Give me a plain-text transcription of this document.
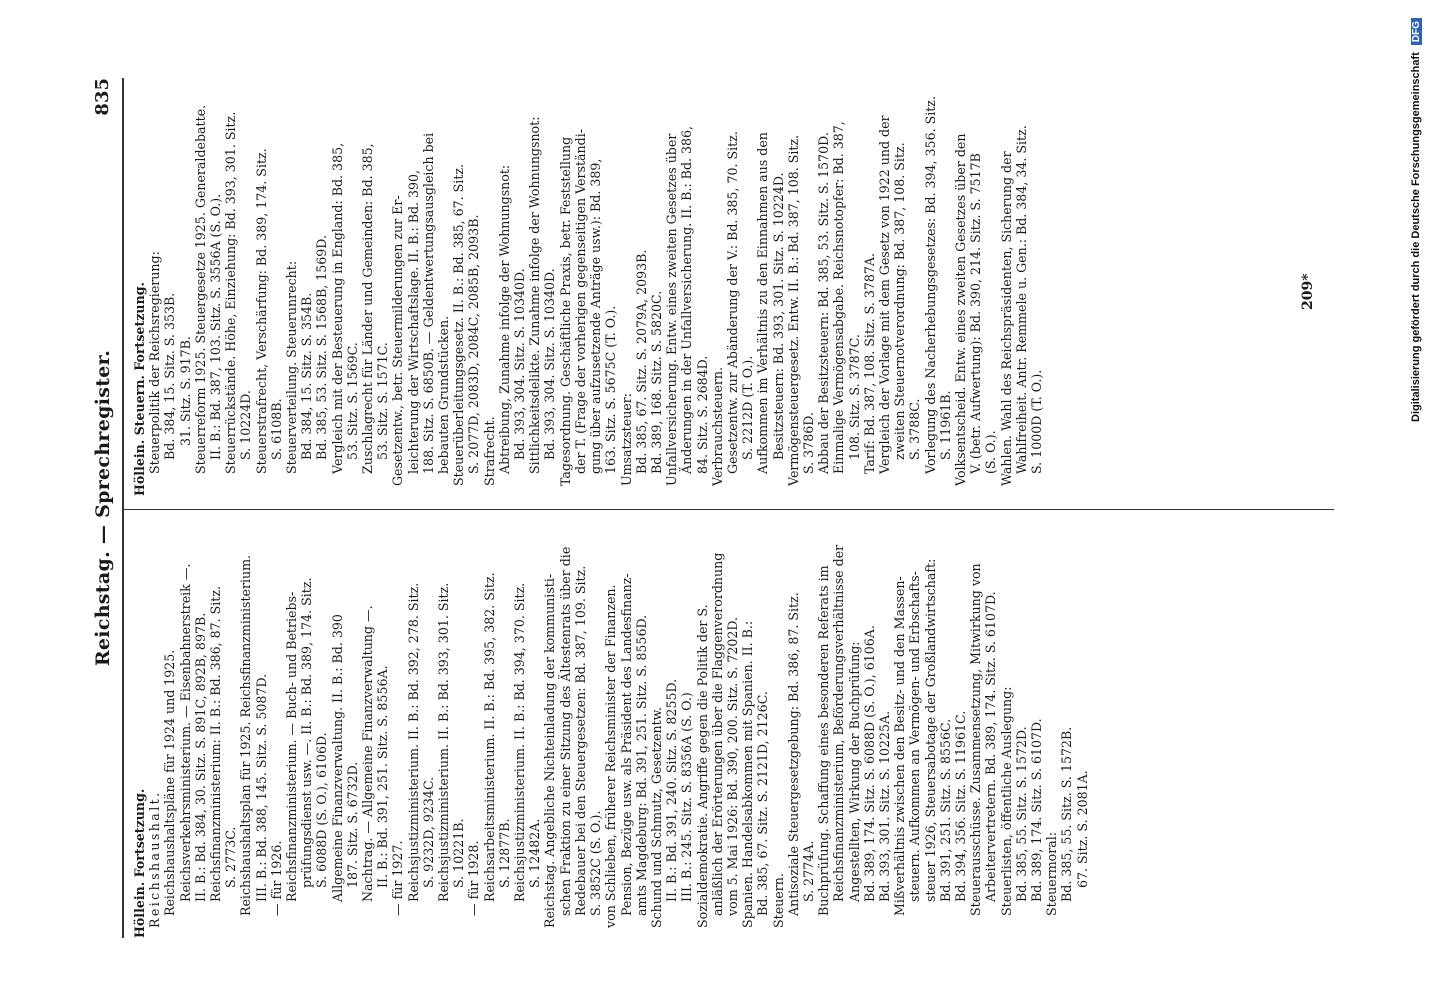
Reichstag. — Sprechregister.
835
Höllein. Fortsetzung. Reichshaushalt. Reichshaushaltspläne für 1924 und 1925. Reichsverkehrsministerium. — Eisenbahnerstreik —. II. B.: Bd. 384, 30. Sitz. S. 891C, 892B, 897B. Reichsfinanzministerium: II. B.: Bd. 386, 87. Sitz. S. 2773C. Reichshaushaltsplan für 1925. Reichsfinanzministerium. III. B.: Bd. 388, 145. Sitz. S. 5087D. — für 1926. Reichsfinanzministerium. — Buch- und Betriebs- prüfungsdienst usw. —. II. B.: Bd. 389, 174. Sitz. S. 6088D (S. O.), 6106D. Allgemeine Finanzverwaltung. II. B.: Bd. 390 187. Sitz. S. 6732D. Nachtrag. — Allgemeine Finanzverwaltung —. II. B.: Bd. 391, 251. Sitz. S. 8556A. — für 1927. Reichsjustizministerium. II. B.: Bd. 392, 278. Sitz. S. 9232D, 9234C. Reichsjustizministerium. II. B.: Bd. 393, 301. Sitz. S. 10221B. — für 1928. Reichsarbeitsministerium. II. B.: Bd. 395, 382. Sitz. S. 12877B. Reichsjustizministerium. II. B.: Bd. 394, 370. Sitz. S. 12482A. Reichstag. Angebliche Nichteinladung der kommunisti- schen Fraktion zu einer Sitzung des Ältestenrats über die Redebauer bei den Steuergesetzen: Bd. 387, 109. Sitz. S. 3852C (S. O.). von Schlieben, früherer Reichsminister der Finanzen. Pension, Bezüge usw. als Präsident des Landesfinanz- amts Magdeburg: Bd. 391, 251. Sitz. S. 8556D. Schund und Schmutz, Gesetzentw. II. B.: Bd. 391, 240. Sitz. S. 8255D. III. B.: 245. Sitz. S. 8356A (S. O.) Sozialdemokratie. Angriffe gegen die Politik der S. anläßlich der Erörterungen über die Flaggenverordnung vom 5. Mai 1926: Bd. 390, 200. Sitz. S. 7202D. Spanien. Handelsabkommen mit Spanien. II. B.: Bd. 385, 67. Sitz. S. 2121D, 2126C. Steuern. Antisoziale Steuergesetzgebung: Bd. 386, 87. Sitz. S. 2774A. Buchprüfung. Schaffung eines besonderen Referats im Reichsfinanzministerium, Beförderungsverhältnisse der Angestellten, Wirkung der Buchprüfung: Bd. 389, 174. Sitz. S. 6088D (S. O.), 6106A. Bd. 393, 301. Sitz. S. 10225A. Mißverhältnis zwischen den Besitz- und den Massen- steuern. Aufkommen an Vermögen- und Erbschafts- steuer 1926, Steuersabotage der Großlandwirtschaft: Bd. 391, 251. Sitz. S. 8556C. Bd. 394, 356. Sitz. S. 11961C. Steuerausschüsse. Zusammensetzung, Mitwirkung von Arbeitervertretern. Bd. 389, 174. Sitz. S. 6107D. Steuerlisten, öffentliche Auslegung: Bd. 385, 55. Sitz. S. 1572D. Bd. 389, 174. Sitz. S. 6107D. Steuermoral: Bd. 385, 55. Sitz. S. 1572B. 67. Sitz. S. 2081A.
Höllein. Steuern. Fortsetzung. Steuerpolitik der Reichsregierung: Bd. 384, 15. Sitz. S. 353B. 31. Sitz. S. 917B. Steuerreform 1925. Steuergesetze 1925. Generaldebatte. II. B.: Bd. 387, 103. Sitz. S. 3556A (S. O.). Steuerrückstände. Höhe, Einziehung: Bd. 393, 301. Sitz. S. 10224D. Steuerstrafrecht, Verschärfung: Bd. 389, 174. Sitz. S. 6108B. Steuerverteilung. Steuerunrecht: Bd. 384, 15. Sitz. S. 354B. Bd. 385, 53. Sitz. S. 1568B, 1569D. Vergleich mit der Besteuerung in England: Bd. 385, 53. Sitz. S. 1569C. Zuschlagrecht für Länder und Gemeinden: Bd. 385, 53. Sitz. S. 1571C. Gesetzentw., betr. Steuermilderungen zur Er- leichterung der Wirtschaftslage. II. B.: Bd. 390, 188. Sitz. S. 6850B. — Geldentwertungsausgleich bei bebauten Grundstücken. Steuerüberleitungsgesetz. II. B.: Bd. 385, 67. Sitz. S. 2077D, 2083D, 2084C, 2085B, 2093B. Strafrecht. Abtreibung, Zunahme infolge der Wohnungsnot: Bd. 393, 304. Sitz. S. 10340D. Sittlichkeitsdelikte. Zunahme infolge der Wohnungsnot: Bd. 393, 304. Sitz. S. 10340D. Tagesordnung. Geschäftliche Praxis, betr. Feststellung der T. (Frage der vorherigen gegenseitigen Verständi- gung über aufzusetzende Anträge usw.): Bd. 389, 163. Sitz. S. 5675C (T. O.). Umsatzsteuer: Bd. 385, 67. Sitz. S. 2079A, 2093B. Bd. 389, 168. Sitz. S. 5820C. Unfallversicherung. Entw. eines zweiten Gesetzes über Änderungen in der Unfallversicherung. II. B.: Bd. 386, 84. Sitz. S. 2684D. Verbrauchsteuern. Gesetzentw. zur Abänderung der V.: Bd. 385, 70. Sitz. S. 2212D (T. O.). Aufkommen im Verhältnis zu den Einnahmen aus den Besitzsteuern: Bd. 393, 301. Sitz. S. 10224D. Vermögensteuergesetz. Entw. II. B.: Bd. 387, 108. Sitz. S. 3786D. Abbau der Besitzsteuern: Bd. 385, 53. Sitz. S. 1570D. Einmalige Vermögensabgabe. Reichsnotopfer: Bd. 387, 108. Sitz. S. 3787C. Tarif: Bd. 387, 108. Sitz. S. 3787A. Vergleich der Vorlage mit dem Gesetz von 1922 und der zweiten Steuernotverordnung: Bd. 387, 108. Sitz. S. 3788C. Vorlegung des Nacherhebungsgesetzes: Bd. 394, 356. Sitz. S. 11961B. Volksentscheid. Entw. eines zweiten Gesetzes über den V. (betr. Aufwertung): Bd. 390, 214. Sitz. S. 7517B (S. O.). Wahlen. Wahl des Reichspräsidenten, Sicherung der Wahlfreiheit. Antr. Remmele u. Gen.: Bd. 384, 34. Sitz. S. 1000D (T. O.).
209*	Digitalisierung gefördert durch die Deutsche Forschungsgemeinschaft DFG
